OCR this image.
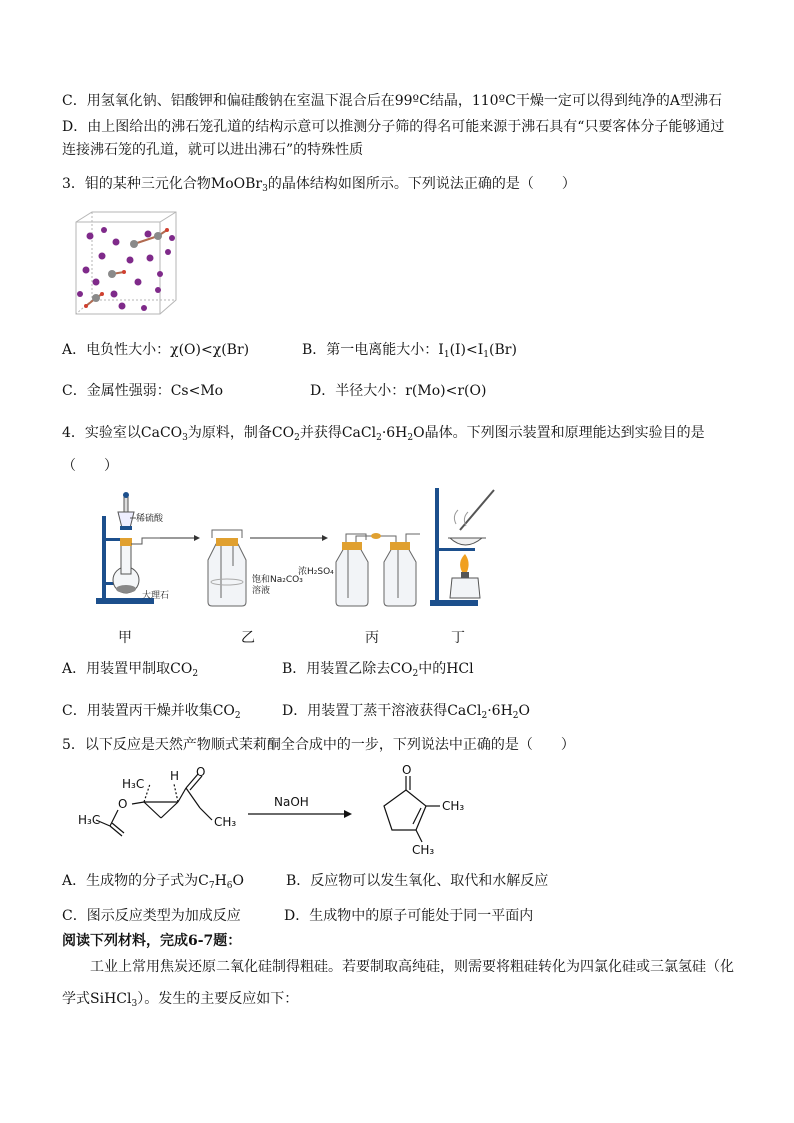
C．用氢氧化钠、铝酸钾和偏硅酸钠在室温下混合后在99ºC结晶，110ºC干燥一定可以得到纯净的A型沸石
D．由上图给出的沸石笼孔道的结构示意可以推测分子筛的得名可能来源于沸石具有“只要客体分子能够通过
连接沸石笼的孔道，就可以进出沸石”的特殊性质
3．钼的某种三元化合物MoOBr$_3$的晶体结构如图所示。下列说法正确的是（　　）
A．电负性大小：χ(O)<χ(Br)	B．第一电离能大小：$I_1(I)<I_1(Br)$
C．金属性强弱：Cs<Mo	D．半径大小：r(Mo)<r(O)
4．实验室以CaCO$_3$为原料，制备$CO_2$并获得$CaCl_2\cdot 6H_2O$晶体。下列图示装置和原理能达到实验目的是
（　　）
稀硫酸
大理石
饱和Na₂CO₃
溶液
浓H₂SO₄
甲	乙	丙	丁
A．用装置甲制取$CO_2$	B．用装置乙除去$CO_2$中的HCl
C．用装置丙干燥并收集$CO_2$	D．用装置丁蒸干溶液获得$CaCl_2\cdot 6H_2O$
5．以下反应是天然产物顺式茉莉酮全合成中的一步，下列说法中正确的是（　　）
NaOH
H₃C
H
O
O
H₃C	CH₃
O
CH₃
CH₃
A．生成物的分子式为$C_7H_6O$	B．反应物可以发生氧化、取代和水解反应
C．图示反应类型为加成反应	D．生成物中的原子可能处于同一平面内
阅读下列材料，完成6-7题：
工业上常用焦炭还原二氧化硅制得粗硅。若要制取高纯硅，则需要将粗硅转化为四氯化硅或三氯氢硅（化
学式SiHCl$_3$）。发生的主要反应如下：
